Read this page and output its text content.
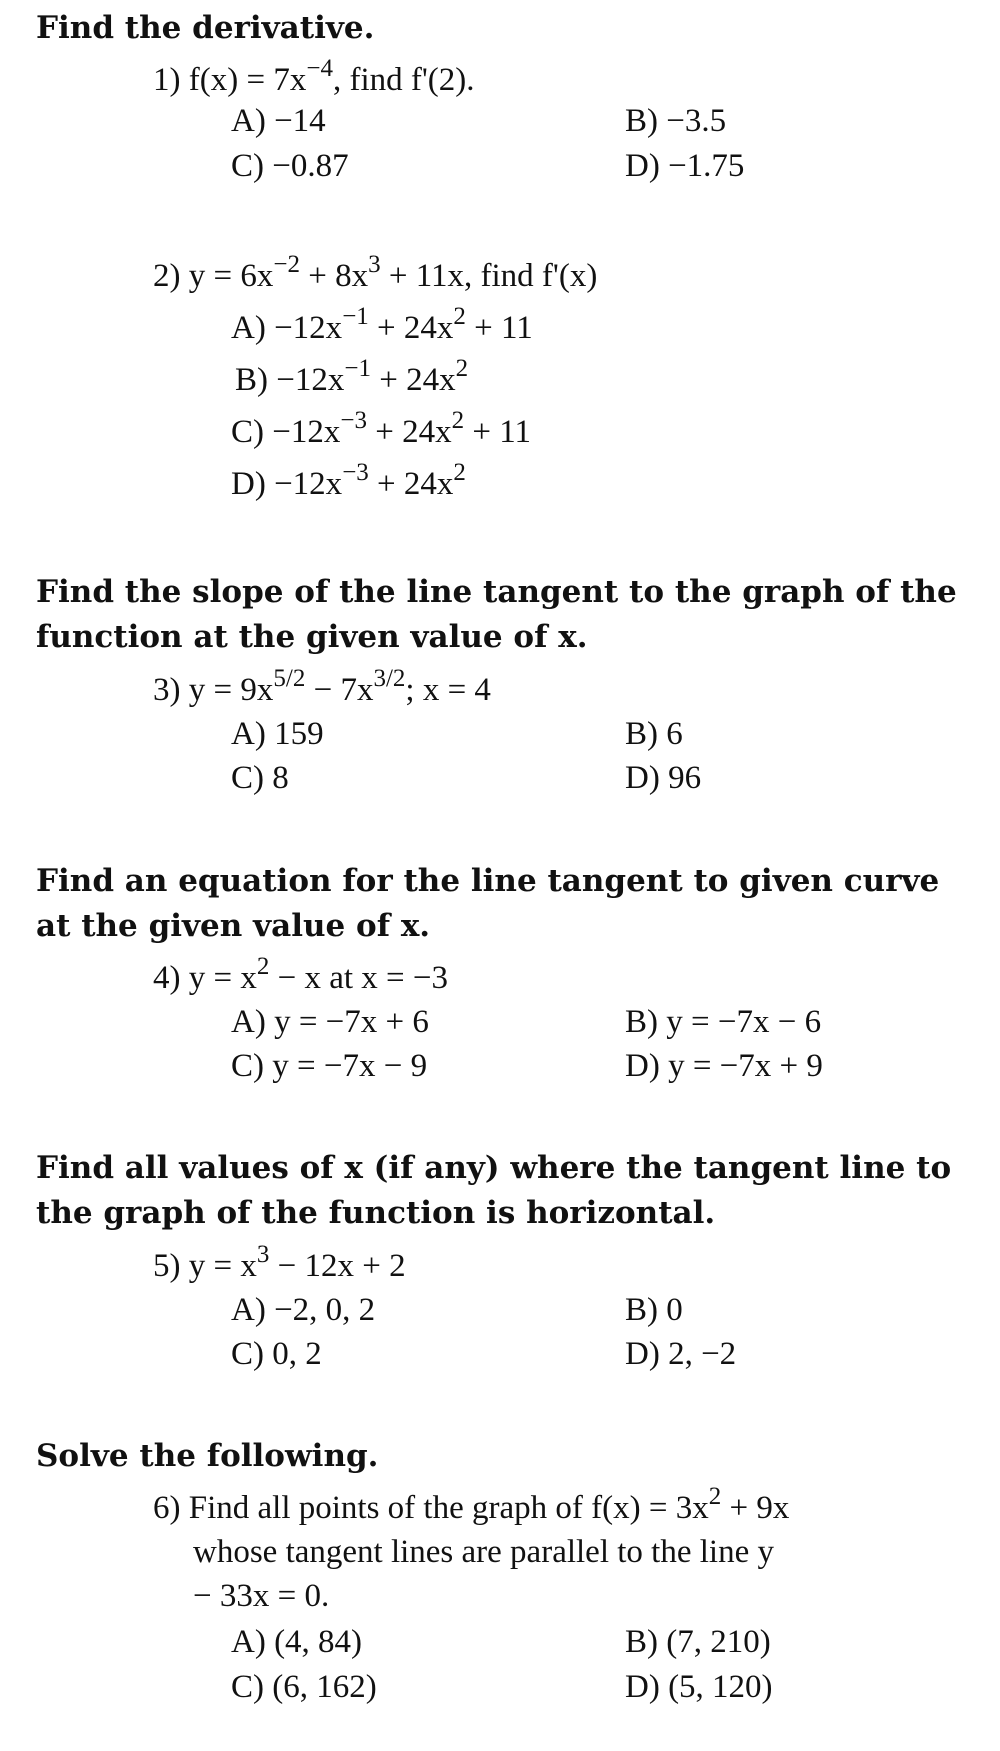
Find the derivative.
1) $f(x) = 7x^{-4}$, find f'(2).
A) −14	B) −3.5
C) −0.87	D) −1.75
2) $y = 6x^{-2} + 8x^3 + 11x$, find f'(x)
$A) -12x^{-1} + 24x^2 + 11$
$B) -12x^{-1} + 24x^2$
$C) -12x^{-3} + 24x^2 + 11$
$D) -12x^{-3} + 24x^2$
Find the slope of the line tangent to the graph of the function at the given value of x.
3) $y = 9x^{5/2} - 7x^{3/2}$; x = 4
A) 159	B) 6
C) 8	D) 96
Find an equation for the line tangent to given curve at the given value of x.
4) $y = x^2 - x$ at x = −3
A) y = −7x + 6	B) y = −7x − 6
C) y = −7x − 9	D) y = −7x + 9
Find all values of x (if any) where the tangent line to the graph of the function is horizontal.
5) $y = x^3 - 12x + 2$
A) −2, 0, 2	B) 0
C) 0, 2	D) 2, −2
Solve the following.
6) Find all points of the graph of $f(x) = 3x^2 + 9x$
whose tangent lines are parallel to the line y
− 33x = 0.
A) (4, 84)	B) (7, 210)
C) (6, 162)	D) (5, 120)
